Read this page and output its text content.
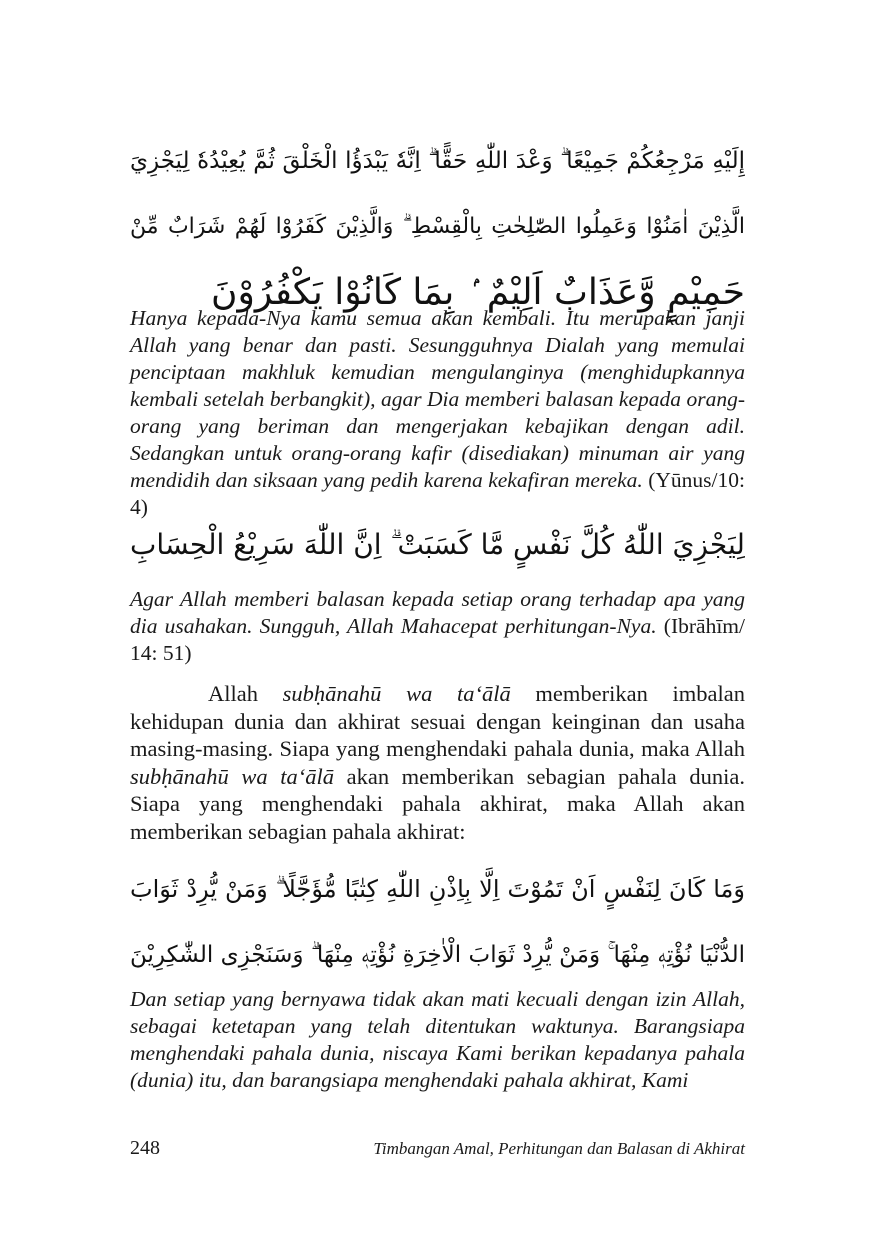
إِلَيْهِ مَرْجِعُكُمْ جَمِيْعًا ۗ وَعْدَ اللّٰهِ حَقًّا ۗ اِنَّهٗ يَبْدَؤُا الْخَلْقَ ثُمَّ يُعِيْدُهٗ لِيَجْزِيَ
الَّذِيْنَ اٰمَنُوْا وَعَمِلُوا الصّٰلِحٰتِ بِالْقِسْطِ ۗ وَالَّذِيْنَ كَفَرُوْا لَهُمْ شَرَابٌ مِّنْ
حَمِيْمٍ وَّعَذَابٌ اَلِيْمٌ ۢ بِمَا كَانُوْا يَكْفُرُوْنَ

Hanya kepada-Nya kamu semua akan kembali. Itu merupakan janji Allah yang benar dan pasti. Sesungguhnya Dialah yang memulai penciptaan makhluk kemudian mengulanginya (menghidupkannya kembali setelah berbangkit), agar Dia memberi balasan kepada orang-orang yang beriman dan mengerjakan kebajikan dengan adil. Sedangkan untuk orang-orang kafir (disediakan) minuman air yang mendidih dan siksaan yang pedih karena kekafiran mereka. (Yūnus/10: 4)

لِيَجْزِيَ اللّٰهُ كُلَّ نَفْسٍ مَّا كَسَبَتْ ۗ اِنَّ اللّٰهَ سَرِيْعُ الْحِسَابِ

Agar Allah memberi balasan kepada setiap orang terhadap apa yang dia usahakan. Sungguh, Allah Mahacepat perhitungan-Nya. (Ibrāhīm/ 14: 51)

Allah subḥānahū wa ta‘ālā memberikan imbalan kehidupan dunia dan akhirat sesuai dengan keinginan dan usaha masing-masing. Siapa yang menghendaki pahala dunia, maka Allah subḥānahū wa ta‘ālā akan memberikan sebagian pahala dunia. Siapa yang menghendaki pahala akhirat, maka Allah akan memberikan sebagian pahala akhirat:

وَمَا كَانَ لِنَفْسٍ اَنْ تَمُوْتَ اِلَّا بِاِذْنِ اللّٰهِ كِتٰبًا مُّؤَجَّلًا ۗ وَمَنْ يُّرِدْ ثَوَابَ
الدُّنْيَا نُؤْتِهٖ مِنْهَا ۚ وَمَنْ يُّرِدْ ثَوَابَ الْاٰخِرَةِ نُؤْتِهٖ مِنْهَا ۗ وَسَنَجْزِى الشّٰكِرِيْنَ

Dan setiap yang bernyawa tidak akan mati kecuali dengan izin Allah, sebagai ketetapan yang telah ditentukan waktunya. Barangsiapa menghendaki pahala dunia, niscaya Kami berikan kepadanya pahala (dunia) itu, dan barangsiapa menghendaki pahala akhirat, Kami

248	Timbangan Amal, Perhitungan dan Balasan di Akhirat
